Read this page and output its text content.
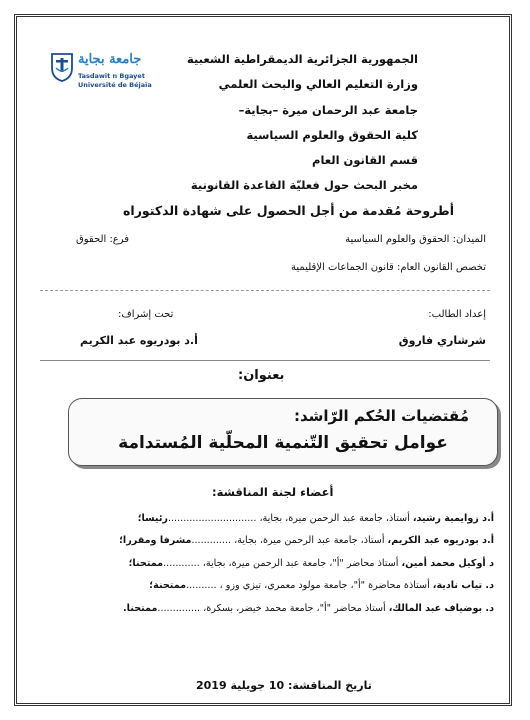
جامعة بجاية
Tasdawit n Bgayet
Université de Béjaïa
الجمهورية الجزائرية الديمقراطية الشعبية
وزارة التعليم العالي والبحث العلمي
جامعة عبد الرحمان ميرة –بجاية–
كلية الحقوق والعلوم السياسية
قسم القانون العام
مخبر البحث حول فعليّة القاعدة القانونية
أطروحة مُقدمة من أجل الحصول على شهادة الدكتوراه
الميدان: الحقوق والعلوم السياسية
فرع: الحقوق
تخصص القانون العام: قانون الجماعات الإقليمية
إعداد الطالب:
تحت إشراف:
شرشاري فاروق
أ.د بودريوه عبد الكريم
بعنوان:
مُقتضيات الحُكم الرّاشد:
عوامل تحقيق التّنمية المحلّية المُستدامة
أعضاء لجنة المناقشة:
أ.د زوايمية رشيد، أستاذ، جامعة عبد الرحمن ميرة، بجاية، .............................رئيسا؛
أ.د بودريوه عبد الكريم، أستاذ، جامعة عبد الرحمن ميرة، بجاية، .............مشرفا ومقررا؛
د أوكيل محمد أمين، أستاذ محاضر "أ"، جامعة عبد الرحمن ميرة، بجاية، ............ممتحنا؛
د. تياب نادية، أستاذة محاضرة "أ"، جامعة مولود معمري، تيزي وزو ، ..........ممتحنة؛
د. بوضياف عبد المالك، أستاذ محاضر "أ"، جامعة محمد خيضر، بسكرة، ..............ممتحنا.
تاريخ المناقشة: 10 جويلية 2019
